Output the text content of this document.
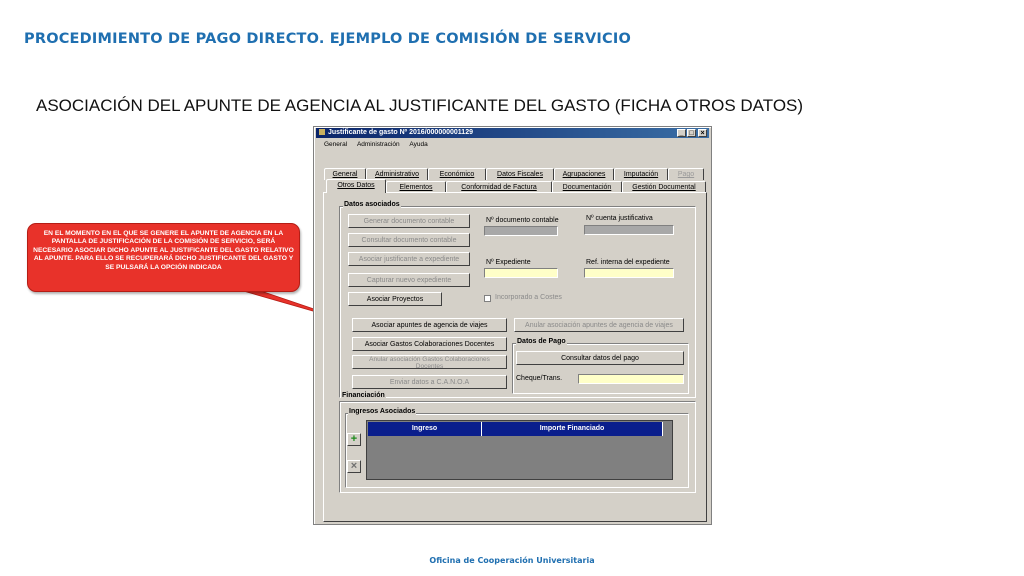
PROCEDIMIENTO DE PAGO DIRECTO. EJEMPLO DE COMISIÓN DE SERVICIO
ASOCIACIÓN DEL APUNTE DE AGENCIA AL JUSTIFICANTE DEL GASTO (FICHA OTROS DATOS)
EN EL MOMENTO EN EL QUE SE GENERE EL APUNTE DE AGENCIA EN LA PANTALLA DE JUSTIFICACIÓN DE LA COMISIÓN DE SERVICIO, SERÁ NECESARIO ASOCIAR DICHO APUNTE AL JUSTIFICANTE DEL GASTO RELATIVO AL APUNTE. PARA ELLO SE RECUPERARÁ DICHO JUSTIFICANTE DEL GASTO Y SE PULSARÁ LA OPCIÓN INDICADA
Justificante de gasto Nº 2016/000000001129	_ □ ×
General Administración Ayuda
General	Administrativo	Económico	Datos Fiscales	Agrupaciones	Imputación	Pago
Otros Datos	Elementos	Conformidad de Factura	Documentación	Gestión Documental
Datos asociados
Generar documento contable
Consultar documento contable
Asociar justificante a expediente
Capturar nuevo expediente
Asociar Proyectos
Nº documento contable	Nº cuenta justificativa
Nº Expediente	Ref. interna del expediente
Incorporado a Costes
Asociar apuntes de agencia de viajes	Anular asociación apuntes de agencia de viajes
Asociar Gastos Colaboraciones Docentes
Anular asociación Gastos Colaboraciones
Docentes
Enviar datos a C.A.N.O.A
Datos de Pago
Consultar datos del pago
Cheque/Trans.
Financiación
Ingresos Asociados
+
×
Ingreso	Importe Financiado
Oficina de Cooperación Universitaria
